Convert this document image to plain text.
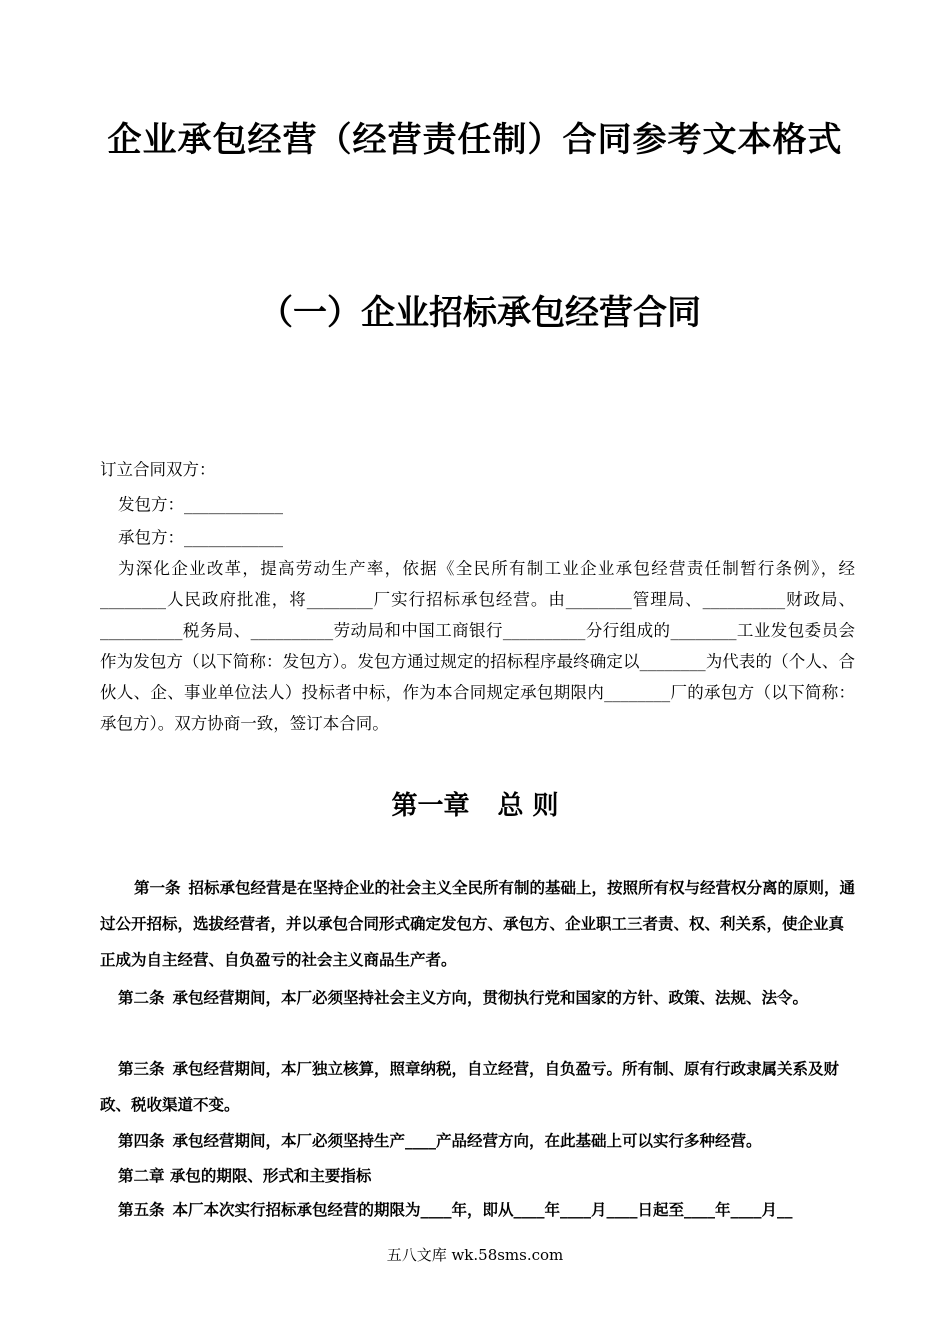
企业承包经营（经营责任制）合同参考文本格式
（一）企业招标承包经营合同
订立合同双方：
发包方：____________
承包方：____________

为深化企业改革，提高劳动生产率，依据《全民所有制工业企业承包经营责任制暂行条例》，经________人民政府批准，将________厂实行招标承包经营。由________管理局、__________财政局、__________税务局、__________劳动局和中国工商银行__________分行组成的________工业发包委员会作为发包方（以下简称：发包方）。发包方通过规定的招标程序最终确定以________为代表的（个人、合伙人、企、事业单位法人）投标者中标，作为本合同规定承包期限内________厂的承包方（以下简称：承包方）。双方协商一致，签订本合同。

第一章 总 则

第一条 招标承包经营是在坚持企业的社会主义全民所有制的基础上，按照所有权与经营权分离的原则，通过公开招标，选拔经营者，并以承包合同形式确定发包方、承包方、企业职工三者责、权、利关系，使企业真正成为自主经营、自负盈亏的社会主义商品生产者。

第二条 承包经营期间，本厂必须坚持社会主义方向，贯彻执行党和国家的方针、政策、法规、法令。

第三条 承包经营期间，本厂独立核算，照章纳税，自立经营，自负盈亏。所有制、原有行政隶属关系及财政、税收渠道不变。

第四条 承包经营期间，本厂必须坚持生产____产品经营方向，在此基础上可以实行多种经营。

第二章 承包的期限、形式和主要指标

第五条 本厂本次实行招标承包经营的期限为____年，即从____年____月____日起至____年____月__

五八文库 wk.58sms.com
